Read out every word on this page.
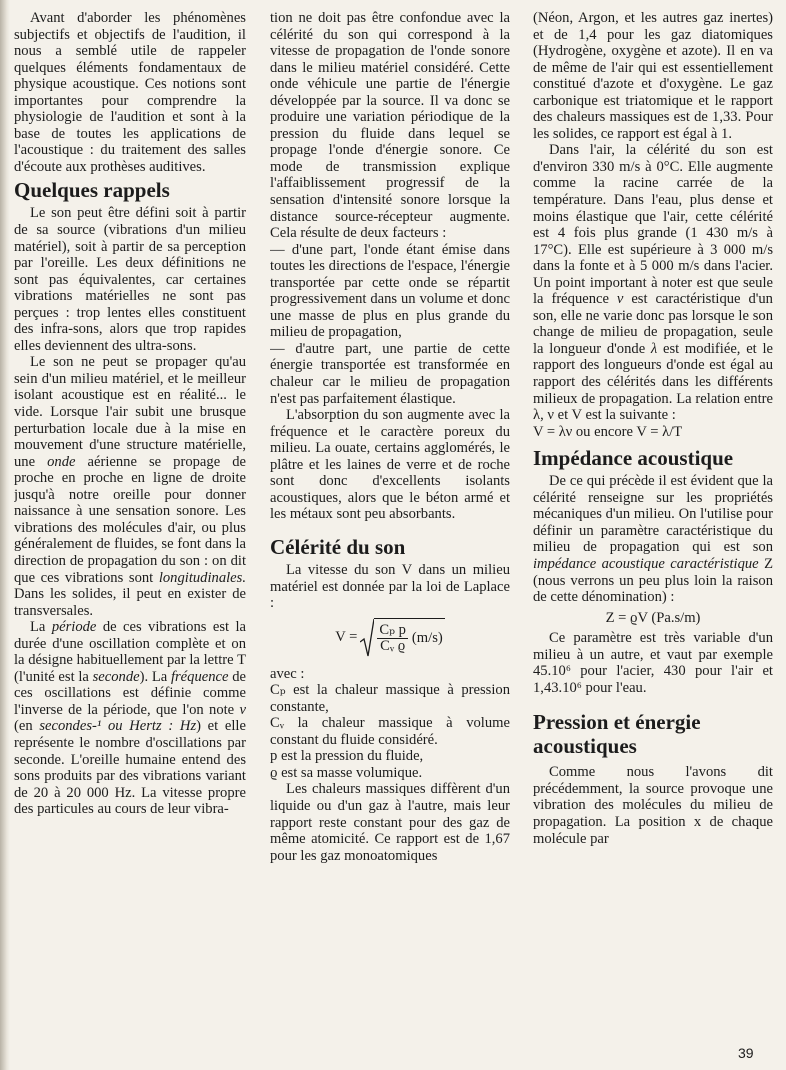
Avant d'aborder les phénomènes subjectifs et objectifs de l'audition, il nous a semblé utile de rappeler quelques éléments fondamentaux de physique acoustique. Ces notions sont importantes pour comprendre la physiologie de l'audition et sont à la base de toutes les applications de l'acoustique : du traitement des salles d'écoute aux prothèses auditives.

Quelques rappels

Le son peut être défini soit à partir de sa source (vibrations d'un milieu matériel), soit à partir de sa perception par l'oreille. Les deux définitions ne sont pas équivalentes, car certaines vibrations matérielles ne sont pas perçues : trop lentes elles constituent des infra-sons, alors que trop rapides elles deviennent des ultra-sons.

Le son ne peut se propager qu'au sein d'un milieu matériel, et le meilleur isolant acoustique est en réalité... le vide. Lorsque l'air subit une brusque perturbation locale due à la mise en mouvement d'une structure matérielle, une onde aérienne se propage de proche en proche en ligne de droite jusqu'à notre oreille pour donner naissance à une sensation sonore. Les vibrations des molécules d'air, ou plus généralement de fluides, se font dans la direction de propagation du son : on dit que ces vibrations sont longitudinales. Dans les solides, il peut en exister de transversales.

La période de ces vibrations est la durée d'une oscillation complète et on la désigne habituellement par la lettre T (l'unité est la seconde). La fréquence de ces oscillations est définie comme l'inverse de la période, que l'on note ν (en secondes-¹ ou Hertz : Hz) et elle représente le nombre d'oscillations par seconde. L'oreille humaine entend des sons produits par des vibrations variant de 20 à 20 000 Hz. La vitesse propre des particules au cours de leur vibra-

tion ne doit pas être confondue avec la célérité du son qui correspond à la vitesse de propagation de l'onde sonore dans le milieu matériel considéré. Cette onde véhicule une partie de l'énergie développée par la source. Il va donc se produire une variation périodique de la pression du fluide dans lequel se propage l'onde d'énergie sonore. Ce mode de transmission explique l'affaiblissement progressif de la sensation d'intensité sonore lorsque la distance source-récepteur augmente. Cela résulte de deux facteurs :

— d'une part, l'onde étant émise dans toutes les directions de l'espace, l'énergie transportée par cette onde se répartit progressivement dans un volume et donc une masse de plus en plus grande du milieu de propagation,

— d'autre part, une partie de cette énergie transportée est transformée en chaleur car le milieu de propagation n'est pas parfaitement élastique.

L'absorption du son augmente avec la fréquence et le caractère poreux du milieu. La ouate, certains agglomérés, le plâtre et les laines de verre et de roche sont donc d'excellents isolants acoustiques, alors que le béton armé et les métaux sont peu absorbants.

Célérité du son

La vitesse du son V dans un milieu matériel est donnée par la loi de Laplace :

$V = \frac{\text{Cₚ p}}{\text{Cᵥ ϱ}} (m/s)$

avec :

Cₚ est la chaleur massique à pression constante,

Cᵥ la chaleur massique à volume constant du fluide considéré.

p est la pression du fluide,

ϱ est sa masse volumique.

Les chaleurs massiques diffèrent d'un liquide ou d'un gaz à l'autre, mais leur rapport reste constant pour des gaz de même atomicité. Ce rapport est de 1,67 pour les gaz monoatomiques

(Néon, Argon, et les autres gaz inertes) et de 1,4 pour les gaz diatomiques (Hydrogène, oxygène et azote). Il en va de même de l'air qui est essentiellement constitué d'azote et d'oxygène. Le gaz carbonique est triatomique et le rapport des chaleurs massiques est de 1,33. Pour les solides, ce rapport est égal à 1.

Dans l'air, la célérité du son est d'environ 330 m/s à 0°C. Elle augmente comme la racine carrée de la température. Dans l'eau, plus dense et moins élastique que l'air, cette célérité est 4 fois plus grande (1 430 m/s à 17°C). Elle est supérieure à 3 000 m/s dans la fonte et à 5 000 m/s dans l'acier. Un point important à noter est que seule la fréquence ν est caractéristique d'un son, elle ne varie donc pas lorsque le son change de milieu de propagation, seule la longueur d'onde λ est modifiée, et le rapport des longueurs d'onde est égal au rapport des célérités dans les différents milieux de propagation. La relation entre λ, ν et V est la suivante :

V = λν ou encore V = λ/T

Impédance acoustique

De ce qui précède il est évident que la célérité renseigne sur les propriétés mécaniques d'un milieu. On l'utilise pour définir un paramètre caractéristique du milieu de propagation qui est son impédance acoustique caractéristique Z (nous verrons un peu plus loin la raison de cette dénomination) :

Z = ϱV (Pa.s/m)

Ce paramètre est très variable d'un milieu à un autre, et vaut par exemple 45.10⁶ pour l'acier, 430 pour l'air et 1,43.10⁶ pour l'eau.

Pression et énergie acoustiques

Comme nous l'avons dit précédemment, la source provoque une vibration des molécules du milieu de propagation. La position x de chaque molécule par

39
